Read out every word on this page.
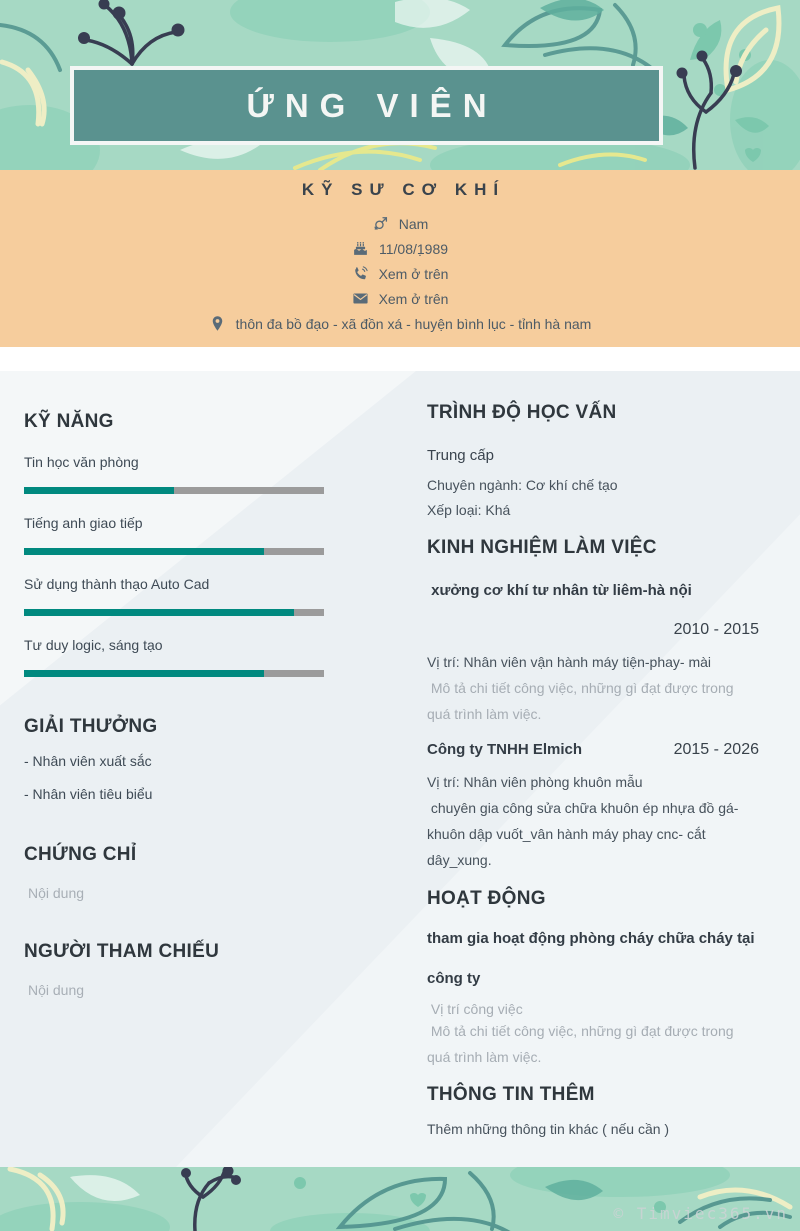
ỨNG VIÊN
KỸ SƯ CƠ KHÍ
Nam
11/08/1̣989
Xem ở trên
Xem ở trên
thôn đa bồ đạo - xã đồn xá - huyện bình lục - tỉnh hà nam
KỸ NĂNG
Tin học văn phòng
Tiếng anh giao tiếp
Sử dụng thành thạo Auto Cad
Tư duy logic, sáng tạo
GIẢI THƯỞNG
- Nhân viên xuất sắc
- Nhân viên tiêu biểu
CHỨNG CHỈ
Nội dung
NGƯỜI THAM CHIẾU
Nội dung
TRÌNH ĐỘ HỌC VẤN
Trung cấp
Chuyên ngành: Cơ khí chế tạo
Xếp loại: Khá
KINH NGHIỆM LÀM VIỆC
xưởng cơ khí tư nhân từ liêm-hà nội
2010 - 2015
Vị trí: Nhân viên vận hành máy tiện-phay- mài
Mô tả chi tiết công việc, những gì đạt được trong quá trình làm việc.
Công ty TNHH Elmich	2015 - 2026
Vị trí: Nhân viên phòng khuôn mẫu
chuyên gia công sửa chữa khuôn ép nhựa đồ gá- khuôn dập vuốt_vân hành máy phay cnc- cắt dây_xung.
HOẠT ĐỘNG
tham gia hoạt động phòng cháy chữa cháy tại công ty
Vị trí công việc
Mô tả chi tiết công việc, những gì đạt được trong quá trình làm việc.
THÔNG TIN THÊM
Thêm những thông tin khác ( nếu cần )
© Timviec365.vn
